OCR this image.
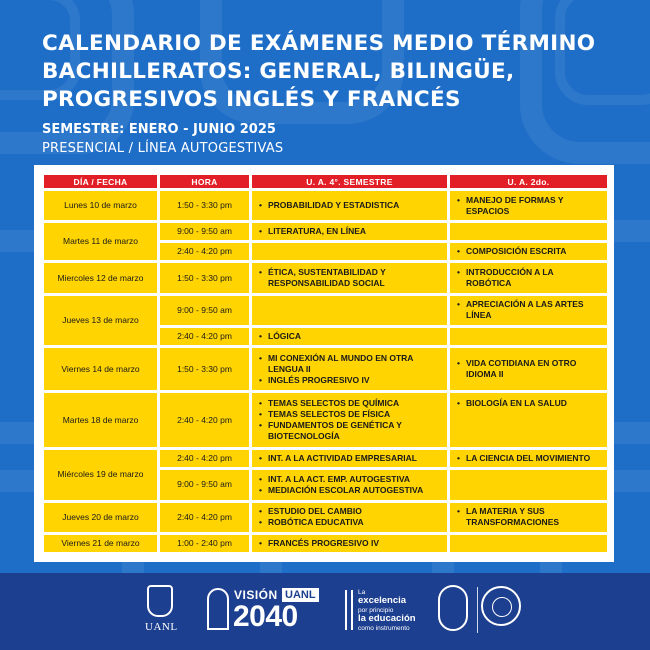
CALENDARIO DE EXÁMENES MEDIO TÉRMINO
BACHILLERATOS: GENERAL, BILINGÜE,
PROGRESIVOS INGLÉS Y FRANCÉS
SEMESTRE: ENERO - JUNIO 2025
PRESENCIAL / LÍNEA AUTOGESTIVAS
DÍA / FECHA	HORA	U. A. 4°. SEMESTRE	U. A. 2do.
Lunes 10 de marzo	1:50 - 3:30 pm	• PROBABILIDAD Y ESTADISTICA	• MANEJO DE FORMAS Y ESPACIOS

Martes 11 de marzo	9:00 - 9:50 am	• LITERATURA, EN LÍNEA

	2:40 - 4:20 pm		• COMPOSICIÓN ESCRITA

Miercoles 12 de marzo	1:50 - 3:30 pm	• ÉTICA, SUSTENTABILIDAD Y RESPONSABILIDAD SOCIAL	• INTRODUCCIÓN A LA ROBÓTICA

Jueves 13 de marzo	9:00 - 9:50 am		• APRECIACIÓN A LAS ARTES LÍNEA

	2:40 - 4:20 pm	• LÓGICA

Viernes 14 de marzo	1:50 - 3:30 pm	• MI CONEXIÓN AL MUNDO EN OTRA LENGUA II
• INGLÉS PROGRESIVO IV	• VIDA COTIDIANA EN OTRO IDIOMA II

Martes 18 de marzo	2:40 - 4:20 pm	• TEMAS SELECTOS DE QUÍMICA
• TEMAS SELECTOS DE FÍSICA
• FUNDAMENTOS DE GENÉTICA Y BIOTECNOLOGÍA	• BIOLOGÍA EN LA SALUD

Miércoles 19 de marzo	2:40 - 4:20 pm	• INT. A LA ACTIVIDAD EMPRESARIAL	• LA CIENCIA DEL MOVIMIENTO

	9:00 - 9:50 am	• INT. A LA ACT. EMP. AUTOGESTIVA
• MEDIACIÓN ESCOLAR AUTOGESTIVA

Jueves 20 de marzo	2:40 - 4:20 pm	• ESTUDIO DEL CAMBIO
• ROBÓTICA EDUCATIVA	• LA MATERIA Y SUS TRANSFORMACIONES

Viernes 21 de marzo	1:00 - 2:40 pm	• FRANCÉS PROGRESIVO IV

UANL
VISIÓN UANL
2040
La
excelencia
por principio
la educación
como instrumento
